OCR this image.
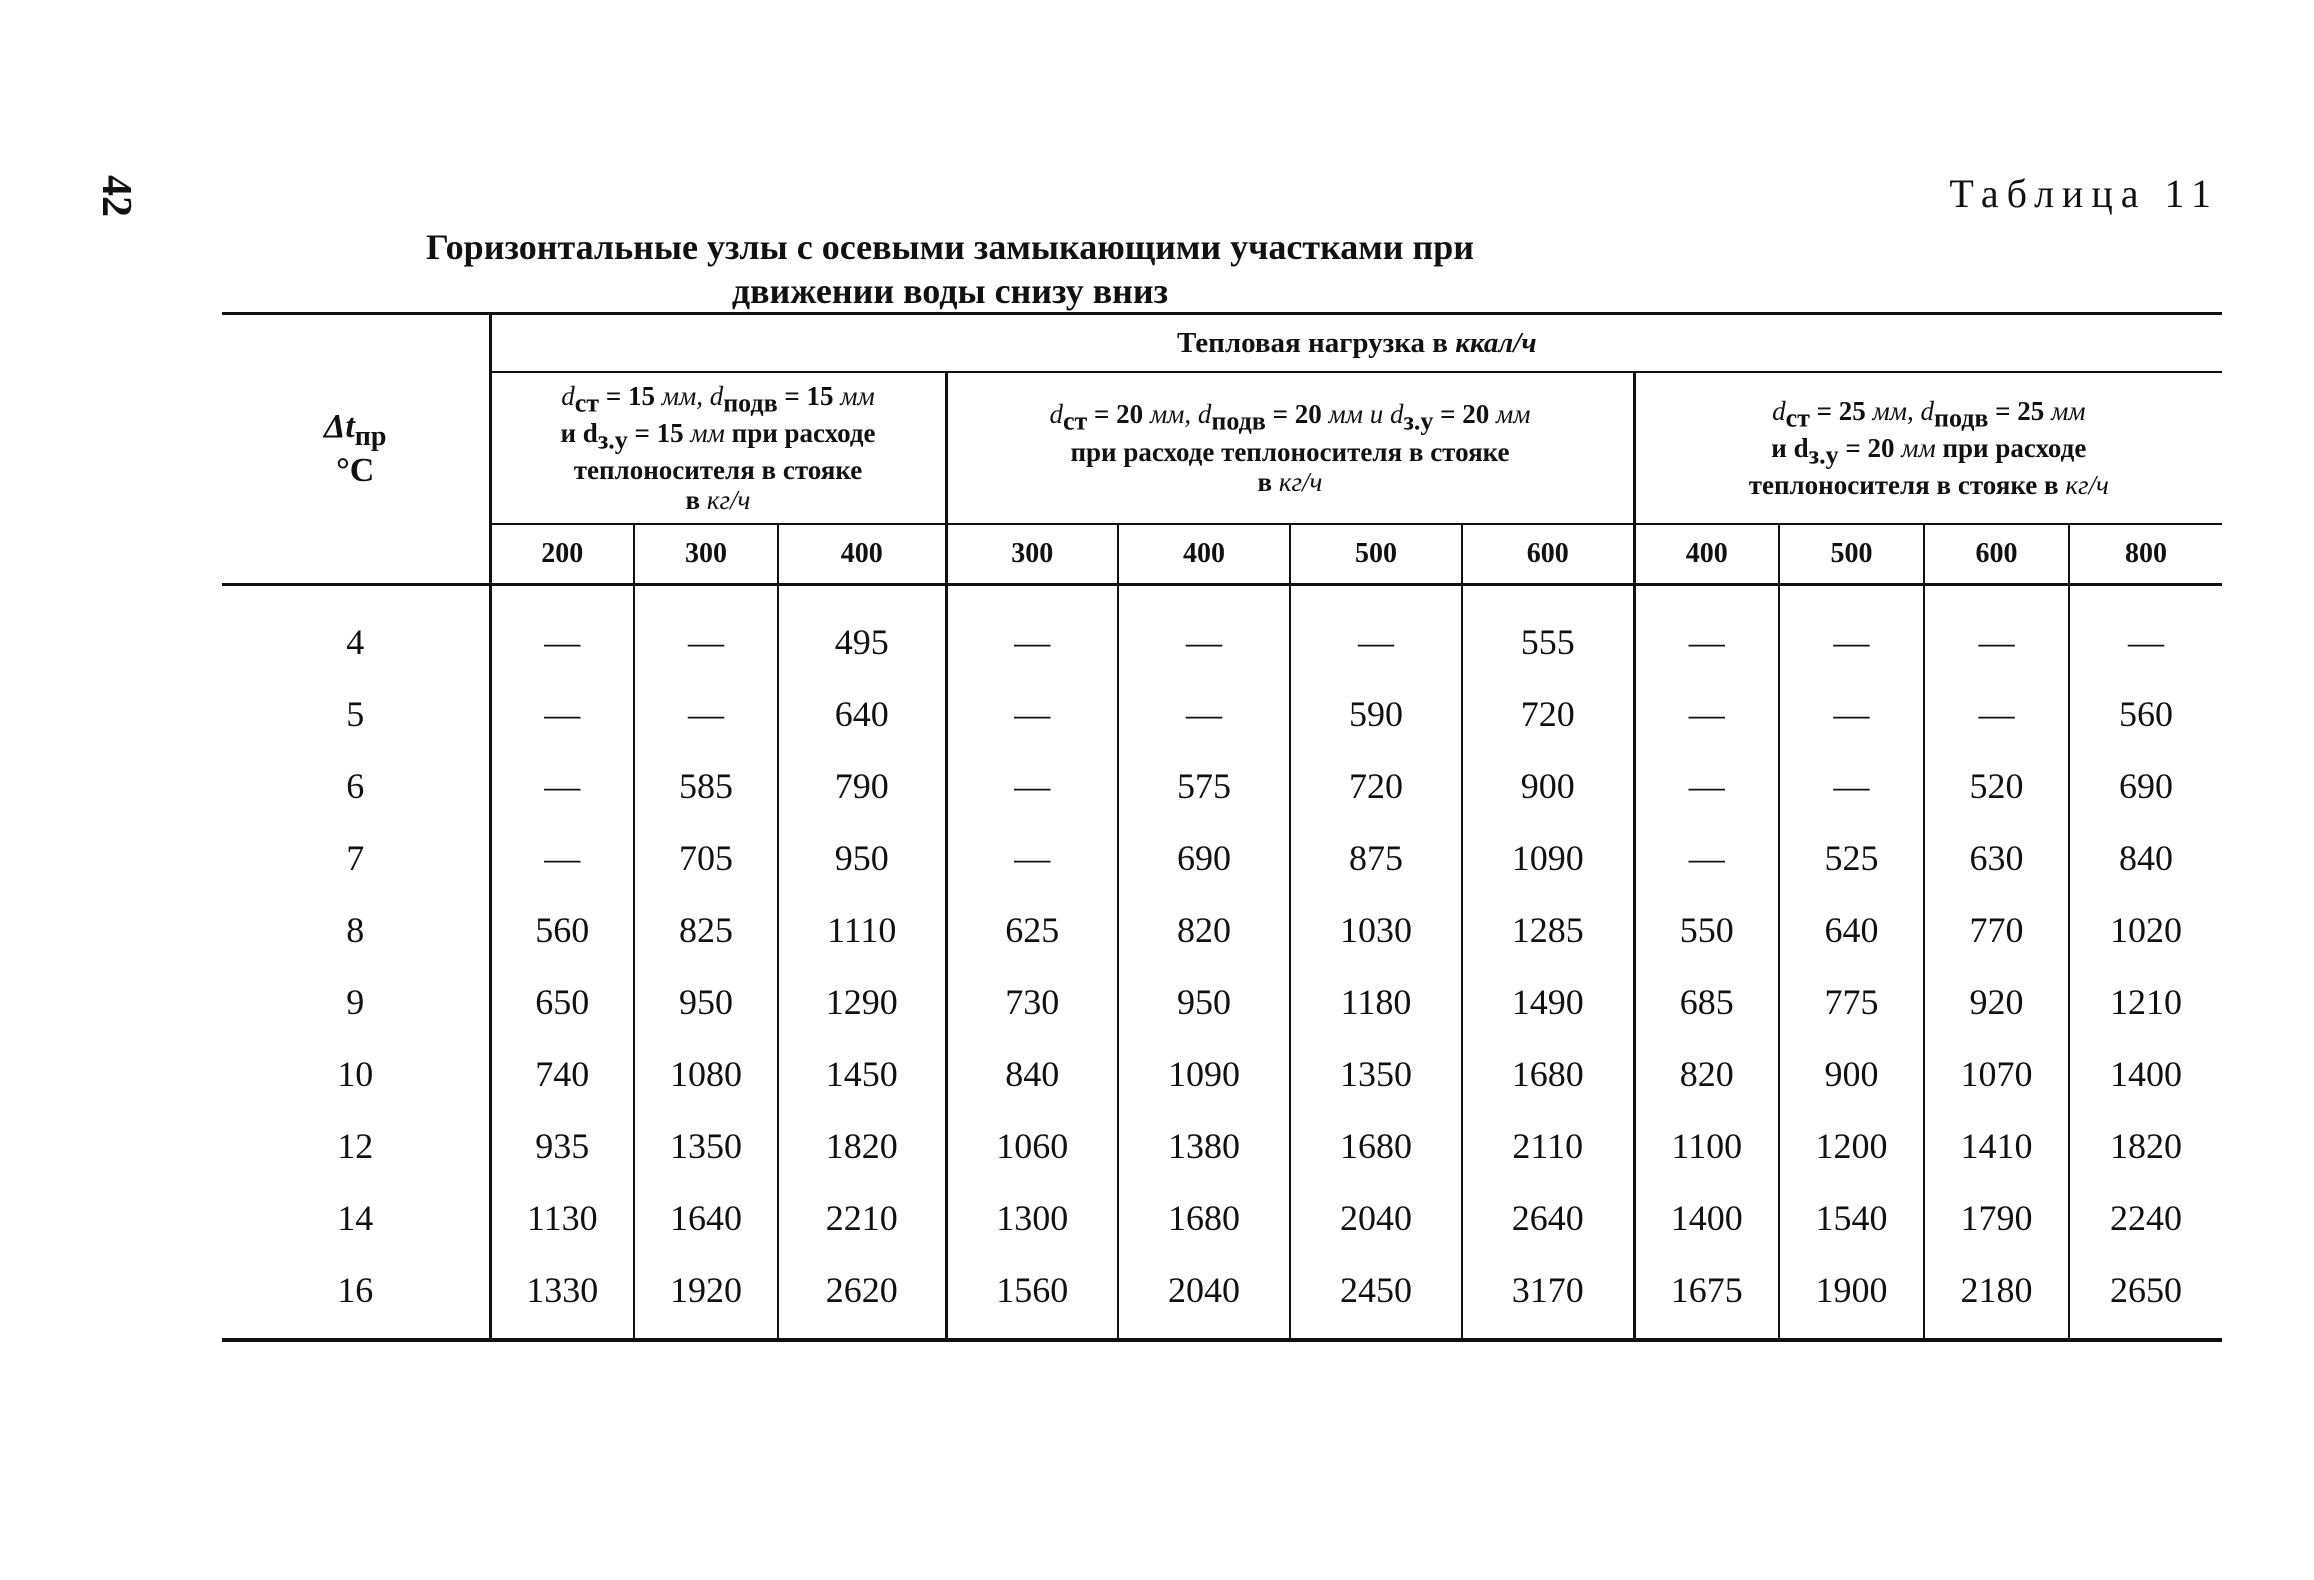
42	Таблица 11
Горизонтальные узлы с осевыми замыкающими участками при
движении воды снизу вниз
$\Delta t_{пр}$
°С	Тепловая нагрузка в ккал/ч										
	$d_{ст} = 15$ мм, $d_{подв} = 15$ мм
и $d_{з.у} = 15$ мм при расходе
теплоносителя в стояке
в кг/ч			$d_{ст} = 20$ мм, $d_{подв} = 20$ мм и $d_{з.у} = 20$ мм
при расходе теплоносителя в стояке
в кг/ч				$d_{ст} = 25$ мм, $d_{подв} = 25$ мм
и $d_{з.у} = 20$ мм при расходе
теплоносителя в стояке в кг/ч			
	200	300	400	300	400	500	600	400	500	600	800
4	—	—	495	—	—	—	555	—	—	—	—
5	—	—	640	—	—	590	720	—	—	—	560
6	—	585	790	—	575	720	900	—	—	520	690
7	—	705	950	—	690	875	1090	—	525	630	840
8	560	825	1110	625	820	1030	1285	550	640	770	1020
9	650	950	1290	730	950	1180	1490	685	775	920	1210
10	740	1080	1450	840	1090	1350	1680	820	900	1070	1400
12	935	1350	1820	1060	1380	1680	2110	1100	1200	1410	1820
14	1130	1640	2210	1300	1680	2040	2640	1400	1540	1790	2240
16	1330	1920	2620	1560	2040	2450	3170	1675	1900	2180	2650
